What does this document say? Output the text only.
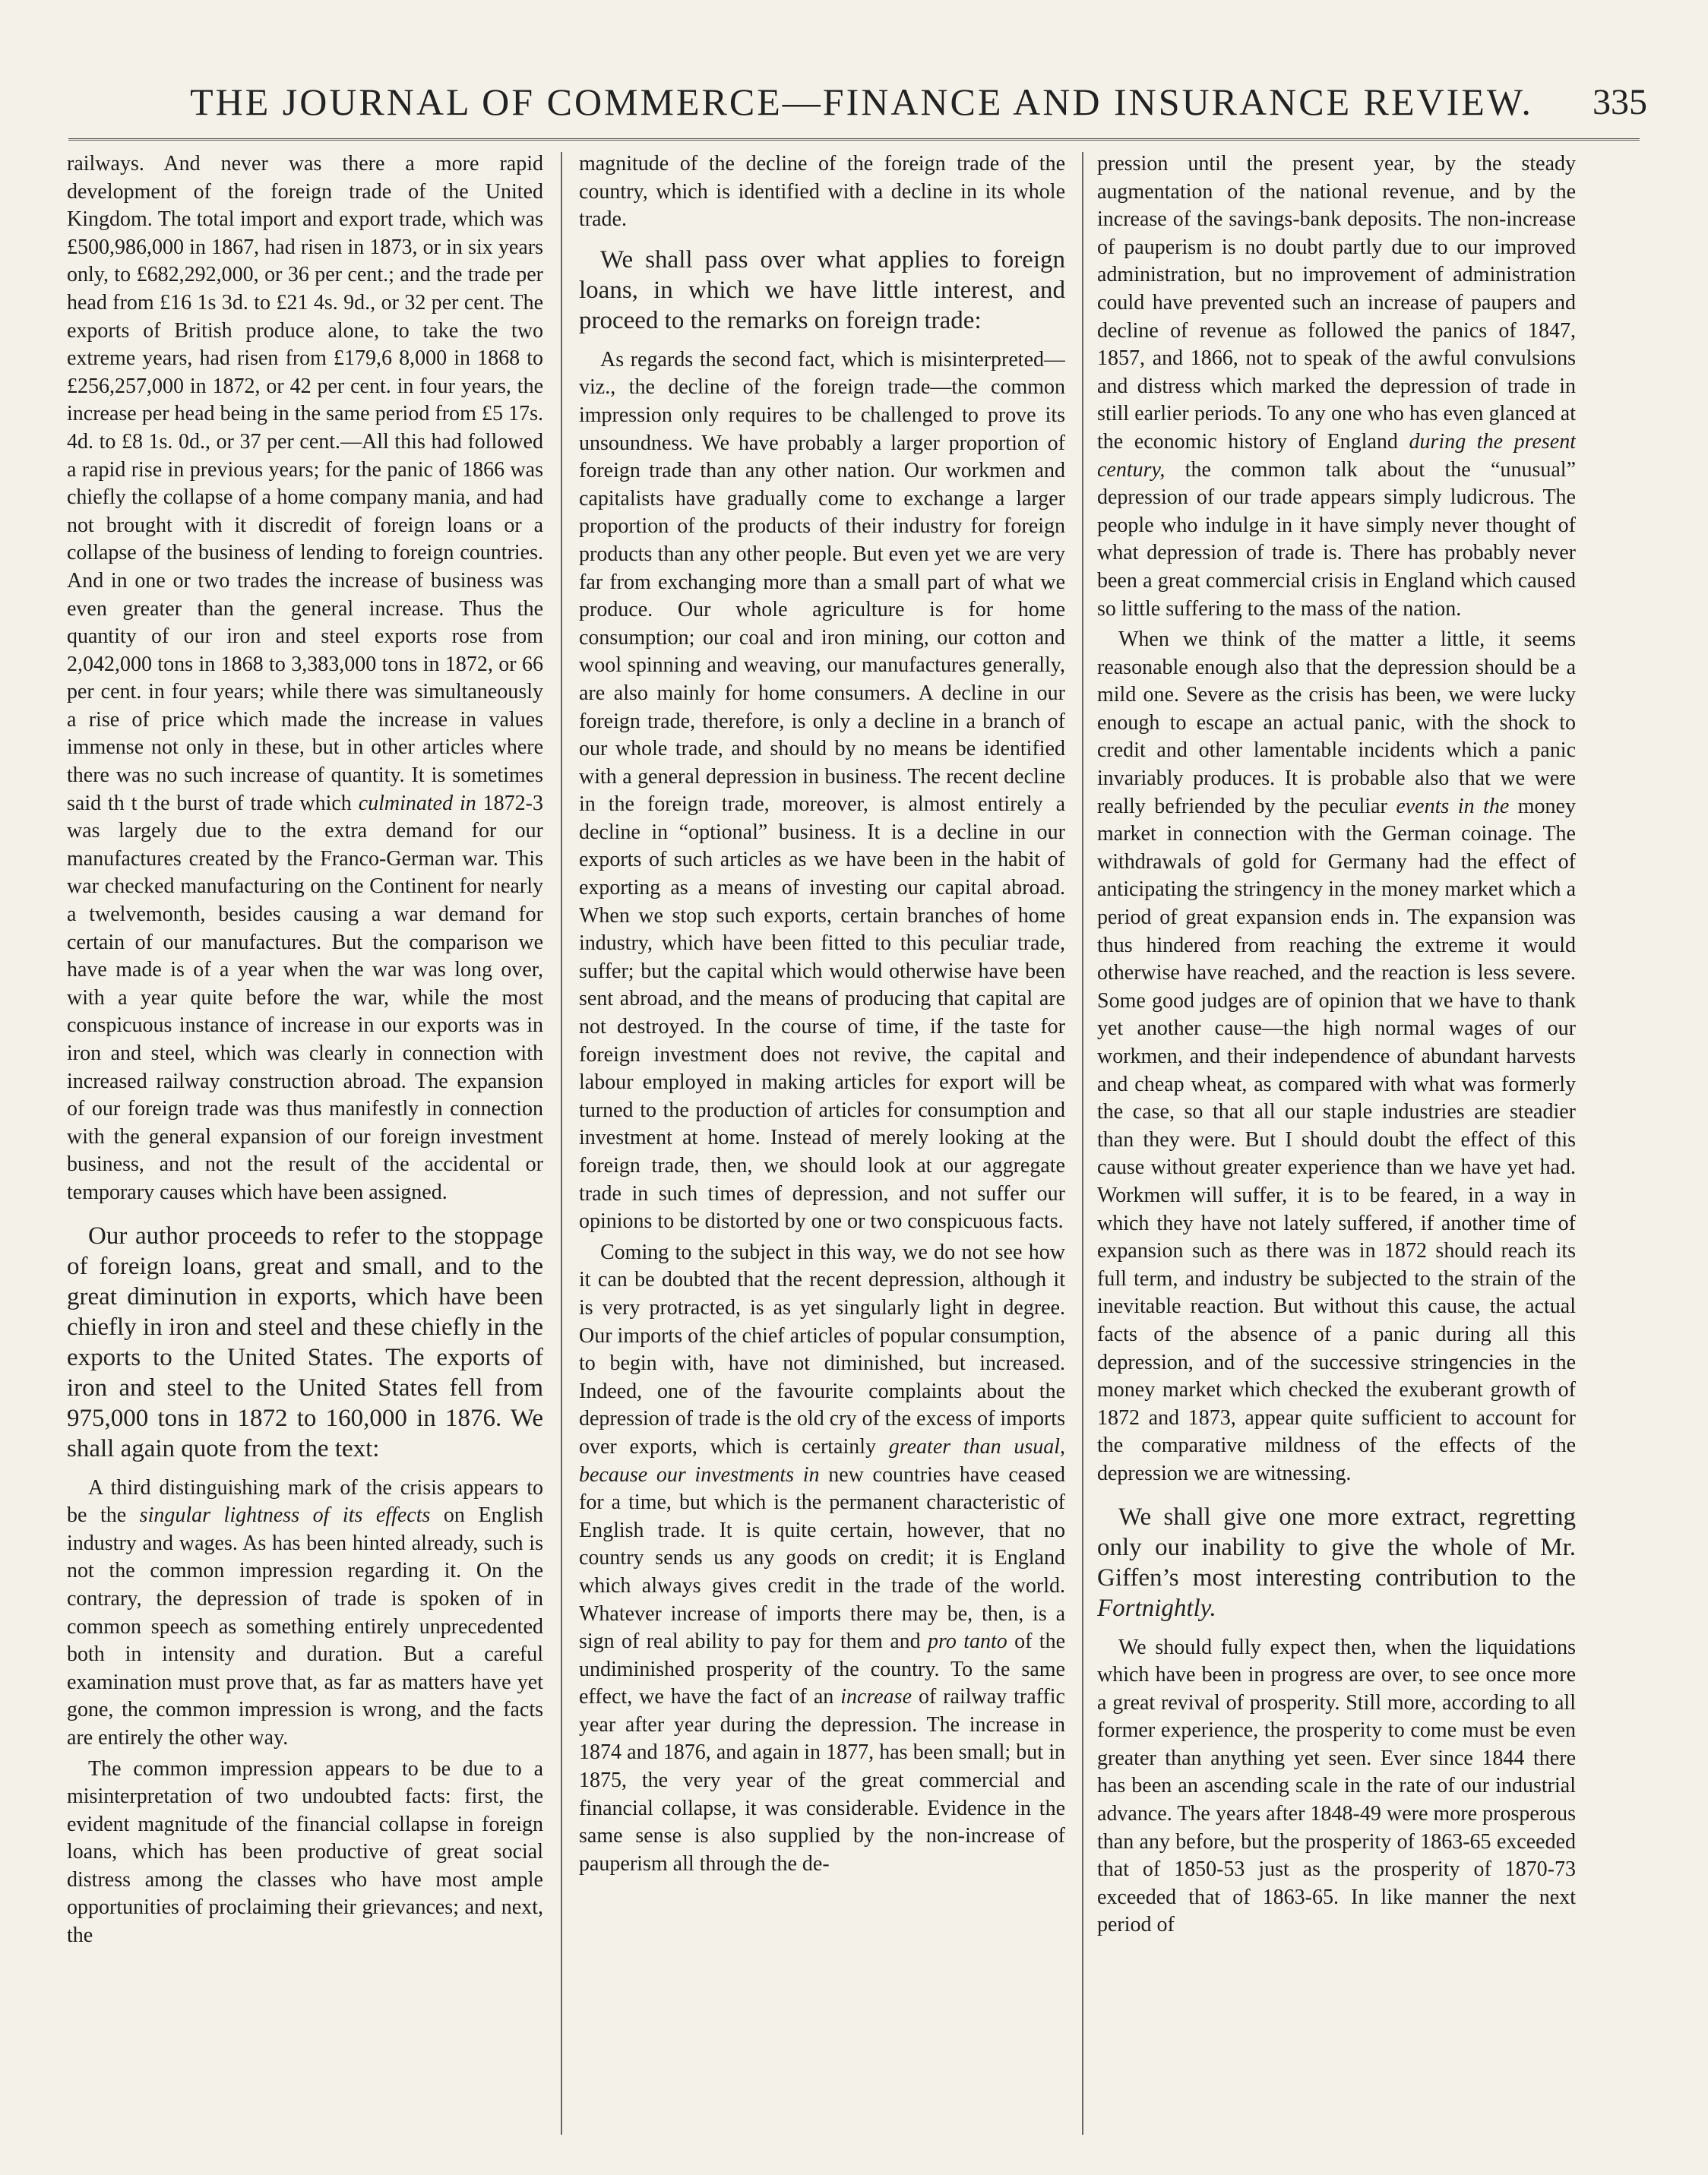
THE JOURNAL OF COMMERCE—FINANCE AND INSURANCE REVIEW.	335

railways. And never was there a more rapid development of the foreign trade of the United Kingdom. The total import and export trade, which was £500,986,000 in 1867, had risen in 1873, or in six years only, to £682,292,000, or 36 per cent.; and the trade per head from £16 1s 3d. to £21 4s. 9d., or 32 per cent. The exports of British produce alone, to take the two extreme years, had risen from £179,6 8,000 in 1868 to £256,257,000 in 1872, or 42 per cent. in four years, the increase per head being in the same period from £5 17s. 4d. to £8 1s. 0d., or 37 per cent.—All this had followed a rapid rise in previous years; for the panic of 1866 was chiefly the collapse of a home company mania, and had not brought with it discredit of foreign loans or a collapse of the business of lending to foreign countries. And in one or two trades the increase of business was even greater than the general increase. Thus the quantity of our iron and steel exports rose from 2,042,000 tons in 1868 to 3,383,000 tons in 1872, or 66 per cent. in four years; while there was simultaneously a rise of price which made the increase in values immense not only in these, but in other articles where there was no such increase of quantity. It is sometimes said th t the burst of trade which culminated in 1872-3 was largely due to the extra demand for our manufactures created by the Franco-German war. This war checked manufacturing on the Continent for nearly a twelvemonth, besides causing a war demand for certain of our manufactures. But the comparison we have made is of a year when the war was long over, with a year quite before the war, while the most conspicuous instance of increase in our exports was in iron and steel, which was clearly in connection with increased railway construction abroad. The expansion of our foreign trade was thus manifestly in connection with the general expansion of our foreign investment business, and not the result of the accidental or temporary causes which have been assigned.

Our author proceeds to refer to the stoppage of foreign loans, great and small, and to the great diminution in exports, which have been chiefly in iron and steel and these chiefly in the exports to the United States. The exports of iron and steel to the United States fell from 975,000 tons in 1872 to 160,000 in 1876. We shall again quote from the text:

A third distinguishing mark of the crisis appears to be the singular lightness of its effects on English industry and wages. As has been hinted already, such is not the common impression regarding it. On the contrary, the depression of trade is spoken of in common speech as something entirely unprecedented both in intensity and duration. But a careful examination must prove that, as far as matters have yet gone, the common impression is wrong, and the facts are entirely the other way.

The common impression appears to be due to a misinterpretation of two undoubted facts: first, the evident magnitude of the financial collapse in foreign loans, which has been productive of great social distress among the classes who have most ample opportunities of proclaiming their grievances; and next, the

magnitude of the decline of the foreign trade of the country, which is identified with a decline in its whole trade.

We shall pass over what applies to foreign loans, in which we have little interest, and proceed to the remarks on foreign trade:

As regards the second fact, which is misinterpreted—viz., the decline of the foreign trade—the common impression only requires to be challenged to prove its unsoundness. We have probably a larger proportion of foreign trade than any other nation. Our workmen and capitalists have gradually come to exchange a larger proportion of the products of their industry for foreign products than any other people. But even yet we are very far from exchanging more than a small part of what we produce. Our whole agriculture is for home consumption; our coal and iron mining, our cotton and wool spinning and weaving, our manufactures generally, are also mainly for home consumers. A decline in our foreign trade, therefore, is only a decline in a branch of our whole trade, and should by no means be identified with a general depression in business. The recent decline in the foreign trade, moreover, is almost entirely a decline in “optional” business. It is a decline in our exports of such articles as we have been in the habit of exporting as a means of investing our capital abroad. When we stop such exports, certain branches of home industry, which have been fitted to this peculiar trade, suffer; but the capital which would otherwise have been sent abroad, and the means of producing that capital are not destroyed. In the course of time, if the taste for foreign investment does not revive, the capital and labour employed in making articles for export will be turned to the production of articles for consumption and investment at home. Instead of merely looking at the foreign trade, then, we should look at our aggregate trade in such times of depression, and not suffer our opinions to be distorted by one or two conspicuous facts.

Coming to the subject in this way, we do not see how it can be doubted that the recent depression, although it is very protracted, is as yet singularly light in degree. Our imports of the chief articles of popular consumption, to begin with, have not diminished, but increased. Indeed, one of the favourite complaints about the depression of trade is the old cry of the excess of imports over exports, which is certainly greater than usual, because our investments in new countries have ceased for a time, but which is the permanent characteristic of English trade. It is quite certain, however, that no country sends us any goods on credit; it is England which always gives credit in the trade of the world. Whatever increase of imports there may be, then, is a sign of real ability to pay for them and pro tanto of the undiminished prosperity of the country. To the same effect, we have the fact of an increase of railway traffic year after year during the depression. The increase in 1874 and 1876, and again in 1877, has been small; but in 1875, the very year of the great commercial and financial collapse, it was considerable. Evidence in the same sense is also supplied by the non-increase of pauperism all through the de-

pression until the present year, by the steady augmentation of the national revenue, and by the increase of the savings-bank deposits. The non-increase of pauperism is no doubt partly due to our improved administration, but no improvement of administration could have prevented such an increase of paupers and decline of revenue as followed the panics of 1847, 1857, and 1866, not to speak of the awful convulsions and distress which marked the depression of trade in still earlier periods. To any one who has even glanced at the economic history of England during the present century, the common talk about the “unusual” depression of our trade appears simply ludicrous. The people who indulge in it have simply never thought of what depression of trade is. There has probably never been a great commercial crisis in England which caused so little suffering to the mass of the nation.

When we think of the matter a little, it seems reasonable enough also that the depression should be a mild one. Severe as the crisis has been, we were lucky enough to escape an actual panic, with the shock to credit and other lamentable incidents which a panic invariably produces. It is probable also that we were really befriended by the peculiar events in the money market in connection with the German coinage. The withdrawals of gold for Germany had the effect of anticipating the stringency in the money market which a period of great expansion ends in. The expansion was thus hindered from reaching the extreme it would otherwise have reached, and the reaction is less severe. Some good judges are of opinion that we have to thank yet another cause—the high normal wages of our workmen, and their independence of abundant harvests and cheap wheat, as compared with what was formerly the case, so that all our staple industries are steadier than they were. But I should doubt the effect of this cause without greater experience than we have yet had. Workmen will suffer, it is to be feared, in a way in which they have not lately suffered, if another time of expansion such as there was in 1872 should reach its full term, and industry be subjected to the strain of the inevitable reaction. But without this cause, the actual facts of the absence of a panic during all this depression, and of the successive stringencies in the money market which checked the exuberant growth of 1872 and 1873, appear quite sufficient to account for the comparative mildness of the effects of the depression we are witnessing.

We shall give one more extract, regretting only our inability to give the whole of Mr. Giffen’s most interesting contribution to the Fortnightly.

We should fully expect then, when the liquidations which have been in progress are over, to see once more a great revival of prosperity. Still more, according to all former experience, the prosperity to come must be even greater than anything yet seen. Ever since 1844 there has been an ascending scale in the rate of our industrial advance. The years after 1848-49 were more prosperous than any before, but the prosperity of 1863-65 exceeded that of 1850-53 just as the prosperity of 1870-73 exceeded that of 1863-65. In like manner the next period of
